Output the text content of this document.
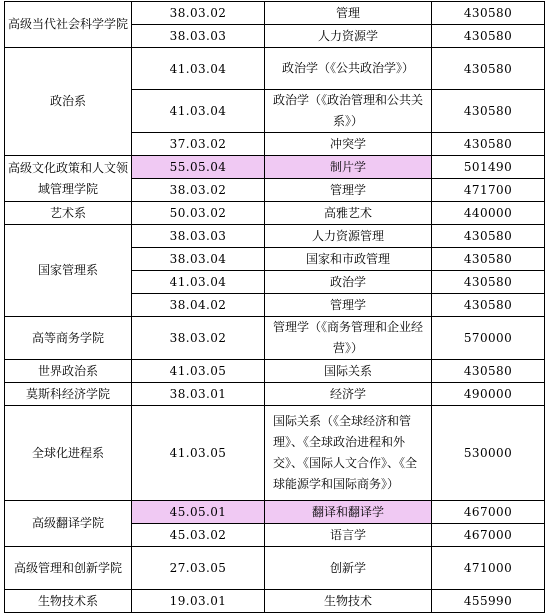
高级当代社会科学学院	38.03.02	管理	430580
	38.03.03	人力资源学	430580
政治系	41.03.04	政治学（《公共政治学》）	430580
	41.03.04	政治学（《政治管理和公共关系》）	430580
	37.03.02	冲突学	430580
高级文化政策和人文领域管理学院	55.05.04	制片学	501490
	38.03.02	管理学	471700
艺术系	50.03.02	高雅艺术	440000
国家管理系	38.03.03	人力资源管理	430580
	38.03.04	国家和市政管理	430580
	41.03.04	政治学	430580
	38.04.02	管理学	430580
高等商务学院	38.03.02	管理学（《商务管理和企业经营》）	570000
世界政治系	41.03.05	国际关系	430580
莫斯科经济学院	38.03.01	经济学	490000
全球化进程系	41.03.05	国际关系（《全球经济和管理》、《全球政治进程和外交》、《国际人文合作》、《全球能源学和国际商务》）	530000
高级翻译学院	45.05.01	翻译和翻译学	467000
	45.03.02	语言学	467000
高级管理和创新学院	27.03.05	创新学	471000
生物技术系	19.03.01	生物技术	455990
